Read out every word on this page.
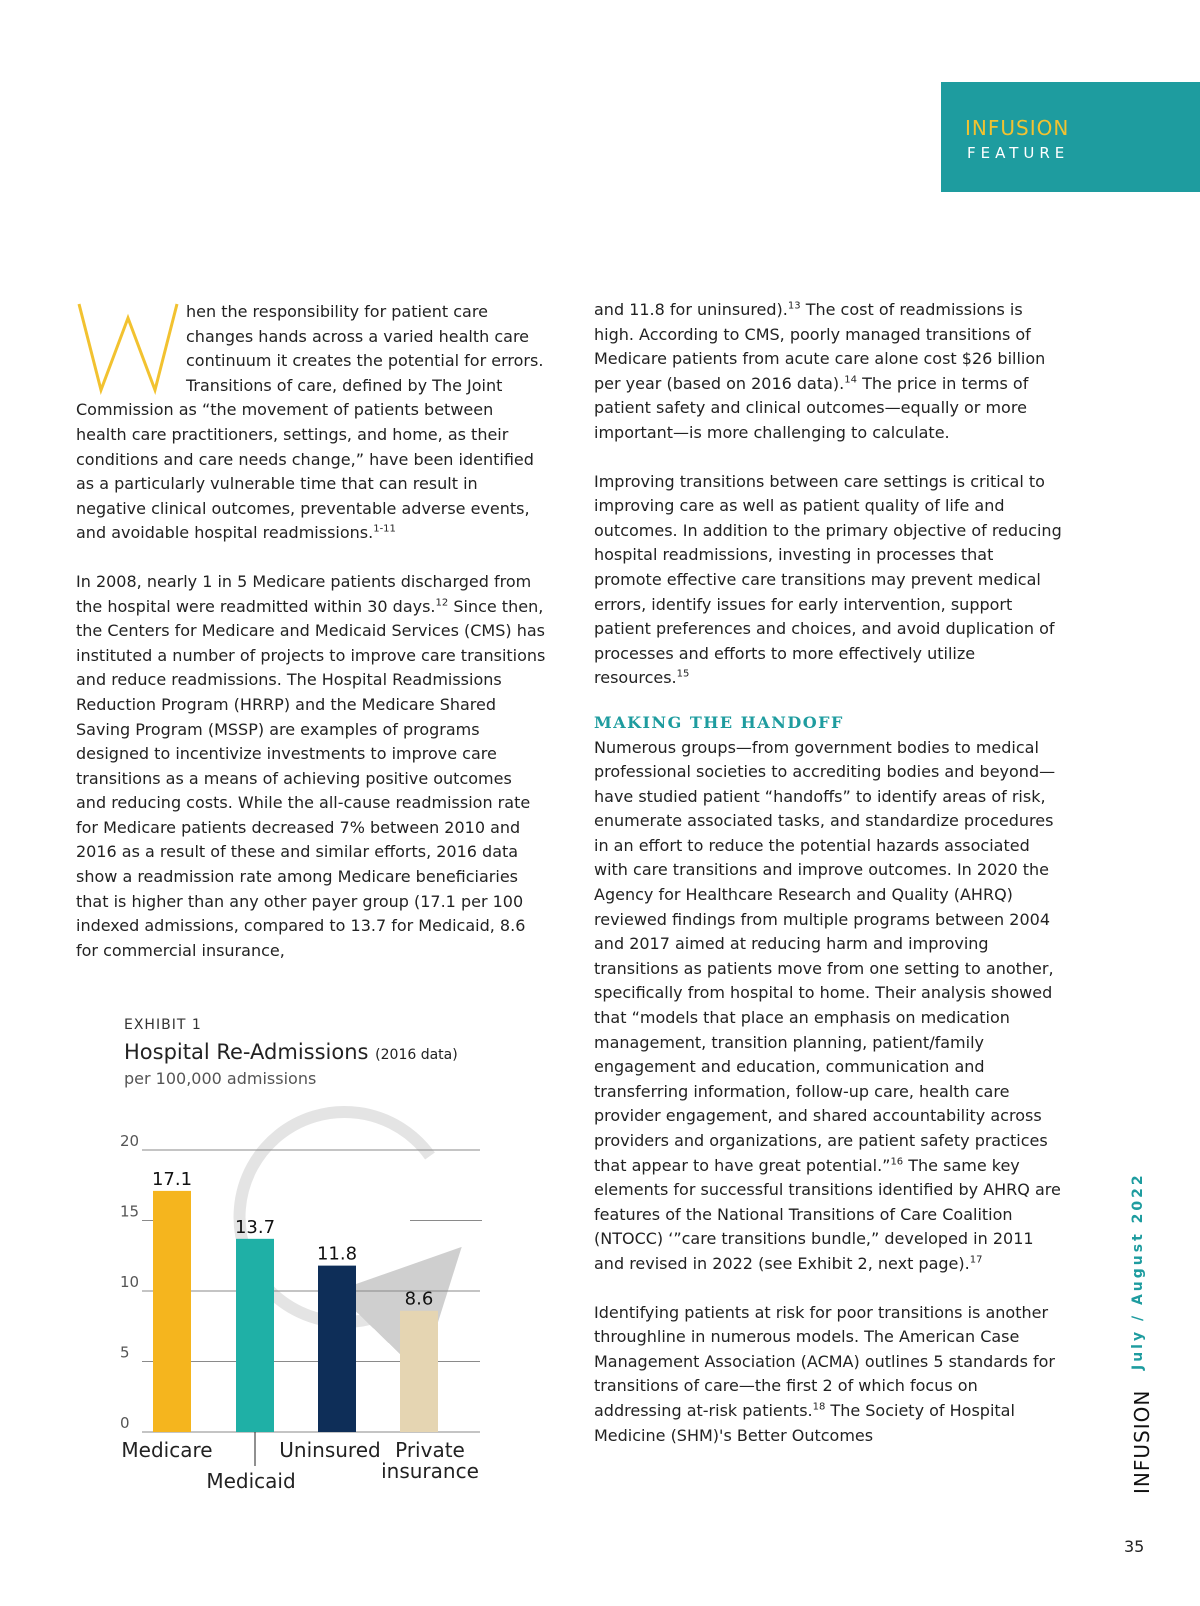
INFUSION
FEATURE

hen the responsibility for patient care changes hands across a varied health care continuum it creates the potential for errors. Transitions of care, defined by The Joint Commission as “the movement of patients between health care practitioners, settings, and home, as their conditions and care needs change,” have been identified as a particularly vulnerable time that can result in negative clinical outcomes, preventable adverse events, and avoidable hospital readmissions.$^{1-11}$

In 2008, nearly 1 in 5 Medicare patients discharged from the hospital were readmitted within 30 days.$^{12}$ Since then, the Centers for Medicare and Medicaid Services (CMS) has instituted a number of projects to improve care transitions and reduce readmissions. The Hospital Readmissions Reduction Program (HRRP) and the Medicare Shared Saving Program (MSSP) are examples of programs designed to incentivize investments to improve care transitions as a means of achieving positive outcomes and reducing costs. While the all-cause readmission rate for Medicare patients decreased 7% between 2010 and 2016 as a result of these and similar efforts, 2016 data show a readmission rate among Medicare beneficiaries that is higher than any other payer group (17.1 per 100 indexed admissions, compared to 13.7 for Medicaid, 8.6 for commercial insurance,

and 11.8 for uninsured).$^{13}$ The cost of readmissions is high. According to CMS, poorly managed transitions of Medicare patients from acute care alone cost $26 billion per year (based on 2016 data).$^{14}$ The price in terms of patient safety and clinical outcomes—equally or more important—is more challenging to calculate.

Improving transitions between care settings is critical to improving care as well as patient quality of life and outcomes. In addition to the primary objective of reducing hospital readmissions, investing in processes that promote effective care transitions may prevent medical errors, identify issues for early intervention, support patient preferences and choices, and avoid duplication of processes and efforts to more effectively utilize resources.$^{15}$

MAKING THE HANDOFF

Numerous groups—from government bodies to medical professional societies to accrediting bodies and beyond—have studied patient “handoffs” to identify areas of risk, enumerate associated tasks, and standardize procedures in an effort to reduce the potential hazards associated with care transitions and improve outcomes. In 2020 the Agency for Healthcare Research and Quality (AHRQ) reviewed findings from multiple programs between 2004 and 2017 aimed at reducing harm and improving transitions as patients move from one setting to another, specifically from hospital to home. Their analysis showed that “models that place an emphasis on medication management, transition planning, patient/family engagement and education, communication and transferring information, follow-up care, health care provider engagement, and shared accountability across providers and organizations, are patient safety practices that appear to have great potential.”$^{16}$ The same key elements for successful transitions identified by AHRQ are features of the National Transitions of Care Coalition (NTOCC) ‘”care transitions bundle,” developed in 2011 and revised in 2022 (see Exhibit 2, next page).$^{17}$

Identifying patients at risk for poor transitions is another throughline in numerous models. The American Case Management Association (ACMA) outlines 5 standards for transitions of care—the first 2 of which focus on addressing at-risk patients.$^{18}$ The Society of Hospital Medicine (SHM)'s Better Outcomes

EXHIBIT 1
Hospital Re-Admissions (2016 data)
per 100,000 admissions
0
5
10
15
20
17.1
13.7
11.8
8.6
Medicare
Medicaid
Uninsured Private
insurance
July / August 2022
INFUSION
35
